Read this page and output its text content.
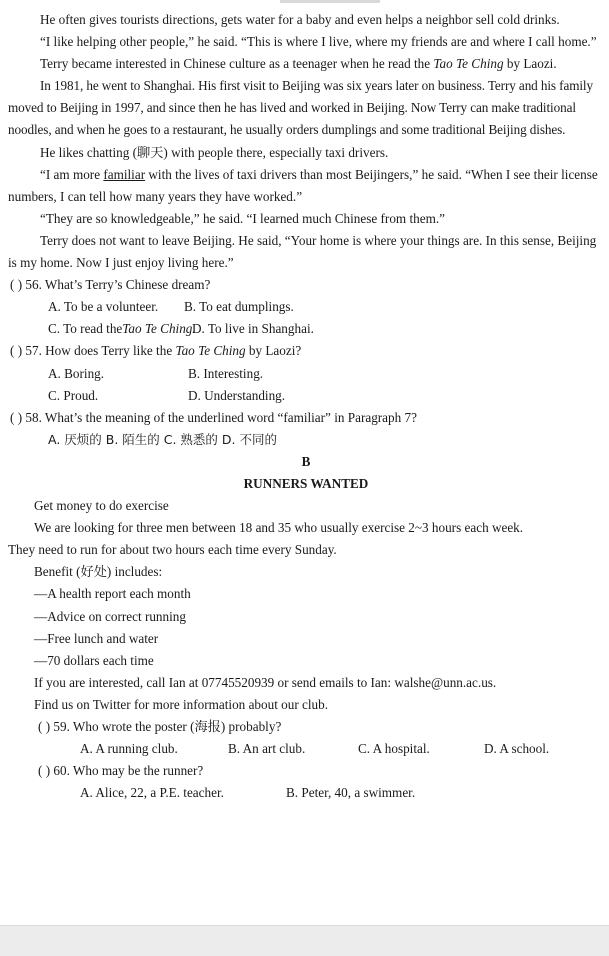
He often gives tourists directions, gets water for a baby and even helps a neighbor sell cold drinks.

“I like helping other people,” he said. “This is where I live, where my friends are and where I call home.”

Terry became interested in Chinese culture as a teenager when he read the Tao Te Ching by Laozi.

In 1981, he went to Shanghai. His first visit to Beijing was six years later on business. Terry and his family moved to Beijing in 1997, and since then he has lived and worked in Beijing. Now Terry can make traditional noodles, and when he goes to a restaurant, he usually orders dumplings and some traditional Beijing dishes.

He likes chatting (聊天) with people there, especially taxi drivers.

“I am more familiar with the lives of taxi drivers than most Beijingers,” he said. “When I see their license numbers, I can tell how many years they have worked.”

“They are so knowledgeable,” he said. “I learned much Chinese from them.”

Terry does not want to leave Beijing. He said, “Your home is where your things are. In this sense, Beijing is my home. Now I just enjoy living here.”

( ) 56. What’s Terry’s Chinese dream?

A. To be a volunteer. B. To eat dumplings.

C. To read theTao Te Ching.D. To live in Shanghai.

( ) 57. How does Terry like the Tao Te Ching by Laozi?

A. Boring.	B. Interesting.

C. Proud.	D. Understanding.

( ) 58. What’s the meaning of the underlined word “familiar” in Paragraph 7?

A. 厌烦的 B. 陌生的 C. 熟悉的 D. 不同的

B

RUNNERS WANTED

Get money to do exercise

We are looking for three men between 18 and 35 who usually exercise 2~3 hours each week.

They need to run for about two hours each time every Sunday.

Benefit (好处) includes:

—A health report each month

—Advice on correct running

—Free lunch and water

—70 dollars each time

If you are interested, call Ian at 07745520939 or send emails to Ian: walshe@unn.ac.us.

Find us on Twitter for more information about our club.

( ) 59. Who wrote the poster (海报) probably?

A. A running club.	B. An art club.	C. A hospital.	D. A school.

( ) 60. Who may be the runner?

A. Alice, 22, a P.E. teacher.	B. Peter, 40, a swimmer.
